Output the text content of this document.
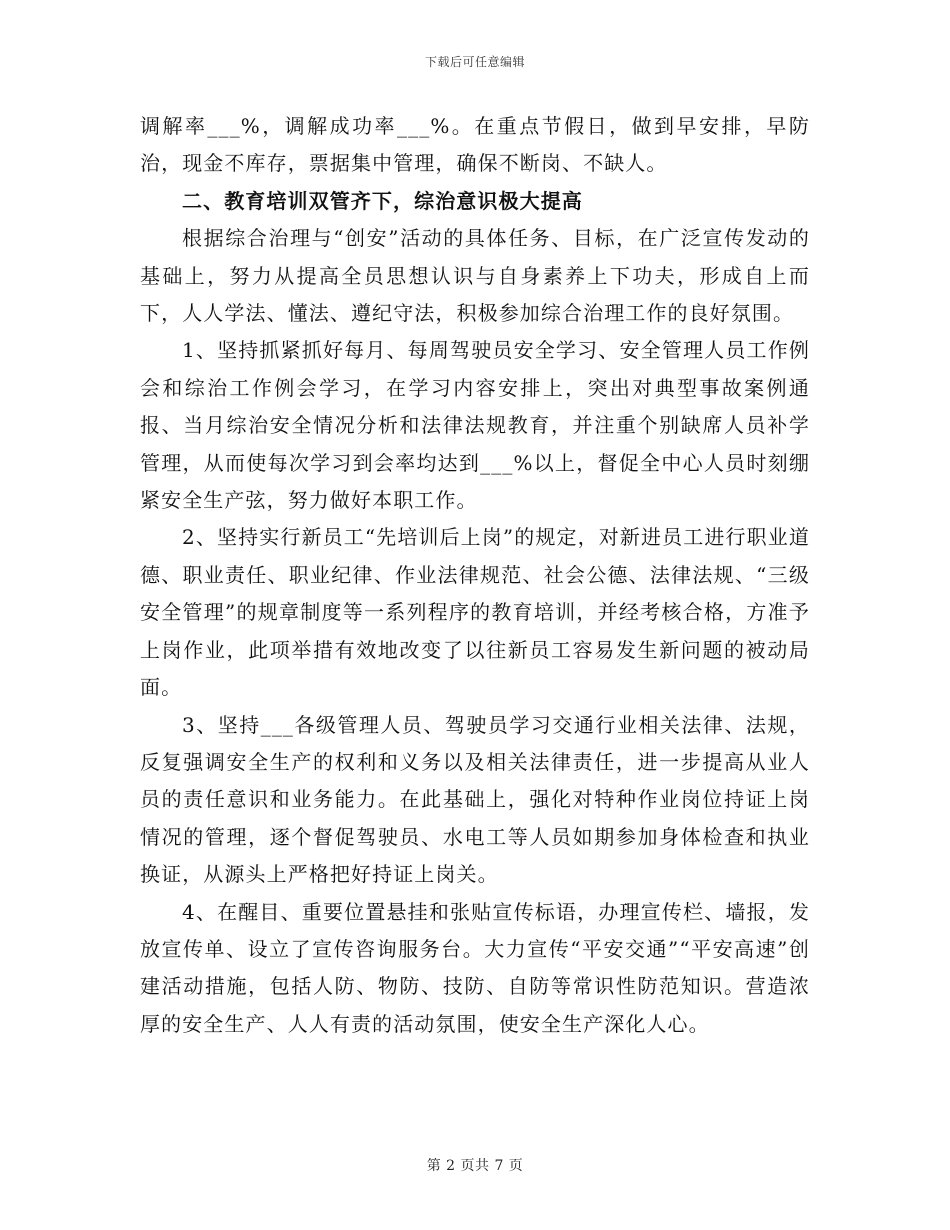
下载后可任意编辑

调解率___%，调解成功率___%。在重点节假日，做到早安排，早防治，现金不库存，票据集中管理，确保不断岗、不缺人。

二、教育培训双管齐下，综治意识极大提高

根据综合治理与“创安”活动的具体任务、目标，在广泛宣传发动的基础上，努力从提高全员思想认识与自身素养上下功夫，形成自上而下，人人学法、懂法、遵纪守法，积极参加综合治理工作的良好氛围。

1、坚持抓紧抓好每月、每周驾驶员安全学习、安全管理人员工作例会和综治工作例会学习，在学习内容安排上，突出对典型事故案例通报、当月综治安全情况分析和法律法规教育，并注重个别缺席人员补学管理，从而使每次学习到会率均达到___%以上，督促全中心人员时刻绷紧安全生产弦，努力做好本职工作。

2、坚持实行新员工“先培训后上岗”的规定，对新进员工进行职业道德、职业责任、职业纪律、作业法律规范、社会公德、法律法规、“三级安全管理”的规章制度等一系列程序的教育培训，并经考核合格，方准予上岗作业，此项举措有效地改变了以往新员工容易发生新问题的被动局面。

3、坚持___各级管理人员、驾驶员学习交通行业相关法律、法规，反复强调安全生产的权利和义务以及相关法律责任，进一步提高从业人员的责任意识和业务能力。在此基础上，强化对特种作业岗位持证上岗情况的管理，逐个督促驾驶员、水电工等人员如期参加身体检查和执业换证，从源头上严格把好持证上岗关。

4、在醒目、重要位置悬挂和张贴宣传标语，办理宣传栏、墙报，发放宣传单、设立了宣传咨询服务台。大力宣传“平安交通”“平安高速”创建活动措施，包括人防、物防、技防、自防等常识性防范知识。营造浓厚的安全生产、人人有责的活动氛围，使安全生产深化人心。

第 2 页共 7 页
